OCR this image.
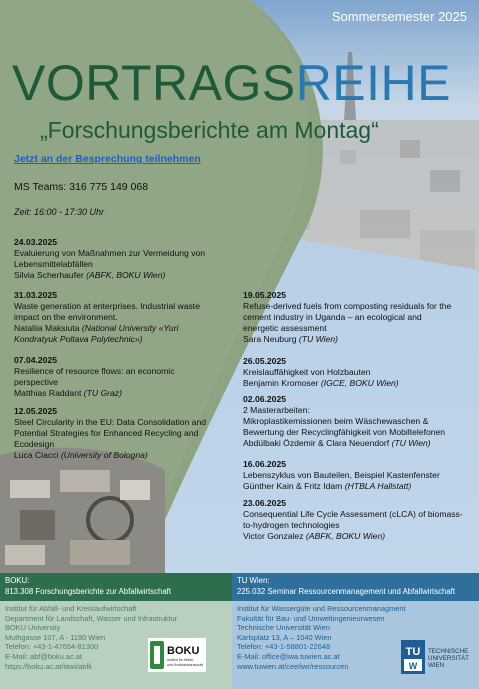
Sommersemester 2025
VORTRAGSREIHE
„Forschungsberichte am Montag“
Jetzt an der Besprechung teilnehmen
MS Teams: 316 775 149 068
Zeit: 16:00 - 17:30 Uhr
24.03.2025
Evaluierung von Maßnahmen zur Vermeidung von
Lebensmittelabfällen
Silvia Scherhaufer (ABFK, BOKU Wien)
31.03.2025
Waste generation at enterprises. Industrial waste
impact on the environment.
Nataliia Maksiuta (National University «Yuri
Kondratyuk Poltava Polytechnic»)
07.04.2025
Resilience of resource flows: an economic
perspective
Matthias Raddant (TU Graz)
12.05.2025
Steel Circularity in the EU: Data Consolidation and
Potential Strategies for Enhanced Recycling and
Ecodesign
Luca Ciacci (University of Bologna)
19.05.2025
Refuse-derived fuels from composting residuals for the
cement industry in Uganda – an ecological and
energetic assessment
Sara Neuburg (TU Wien)
26.05.2025
Kreislauffähigkeit von Holzbauten
Benjamin Kromoser (IGCE, BOKU Wien)
02.06.2025
2 Masterarbeiten:
Mikroplastikemissionen beim Wäschewaschen &
Bewertung der Recyclingfähigkeit von Mobiltelefonen
Abdülbaki Özdemir & Clara Neuendorf (TU Wien)
16.06.2025
Lebenszyklus von Bauteilen, Beispiel Kastenfenster
Günther Kain & Fritz Idam (HTBLA Hallstatt)
23.06.2025
Consequential Life Cycle Assessment (cLCA) of biomass-
to-hydrogen technologies
Victor Gonzalez (ABFK, BOKU Wien)
BOKU:
813.308 Forschungsberichte zur Abfallwirtschaft
Institut für Abfall- und Kreislaufwirtschaft
Department für Landschaft, Wasser und Infrastruktur
BOKU University
Muthgasse 107, A - 1190 Wien
Telefon: +43-1-47654-81300
E-Mail: abf@boku.ac.at
https://boku.ac.at/lawi/abfk
BOKU
Institut für Abfall-
und Kreislaufwirtschaft
TU Wien:
225.032 Seminar Ressourcenmanagement und Abfallwirtschaft
Institut für Wassergüte und Ressourcenmanagment
Fakultät für Bau- und Umweltingenieurwesen
Technische Universität Wien
Karlsplatz 13, A – 1040 Wien
Telefon: +43-1-58801-22648
E-Mail: office@iwa.tuwien.ac.at
www.tuwien.at/cee/iwr/ressourcen
TU
W
TECHNISCHE
UNIVERSITÄT
WIEN
